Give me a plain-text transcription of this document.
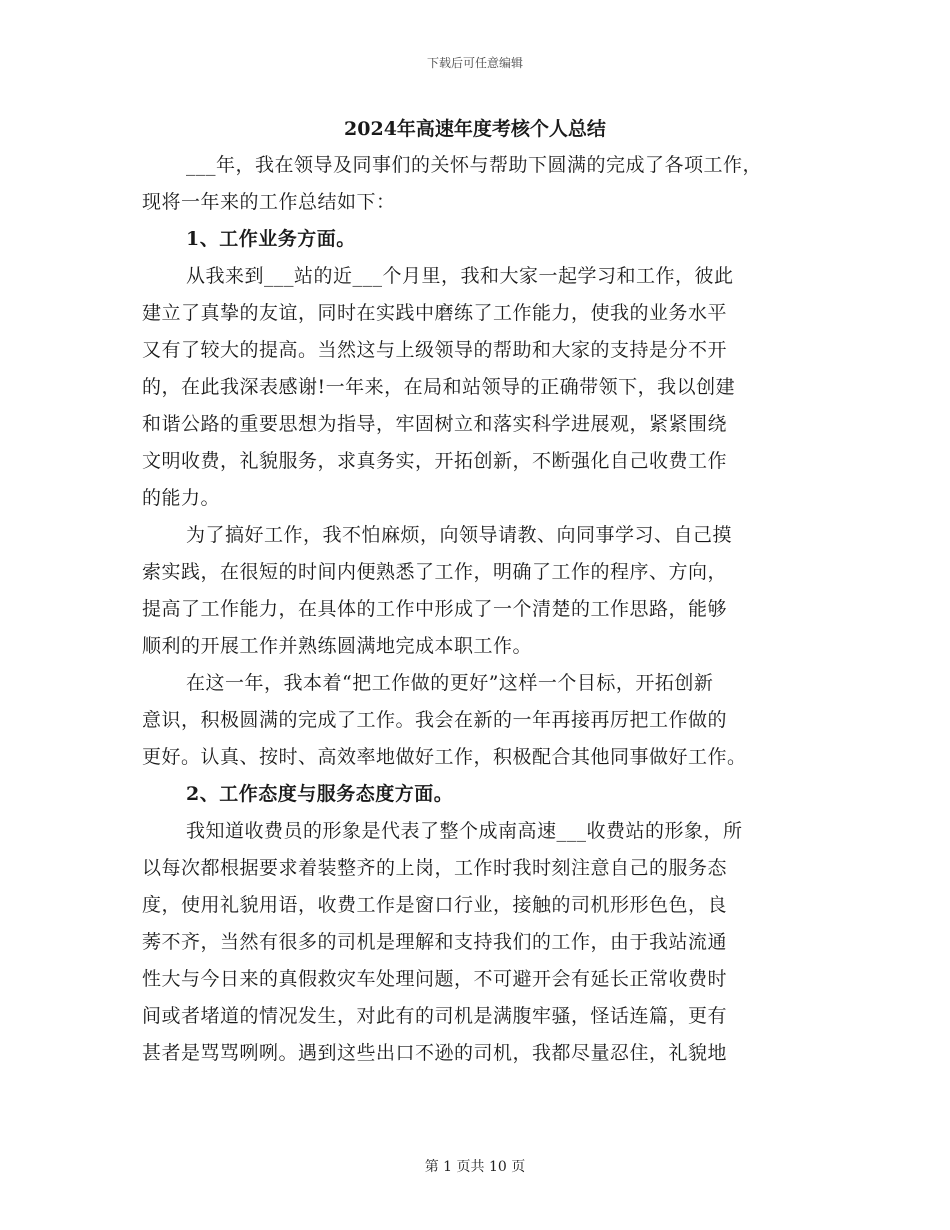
下载后可任意编辑
2024年高速年度考核个人总结
___年，我在领导及同事们的关怀与帮助下圆满的完成了各项工作，
现将一年来的工作总结如下：
1、工作业务方面。
从我来到___站的近___个月里，我和大家一起学习和工作，彼此
建立了真挚的友谊，同时在实践中磨练了工作能力，使我的业务水平
又有了较大的提高。当然这与上级领导的帮助和大家的支持是分不开
的，在此我深表感谢!一年来，在局和站领导的正确带领下，我以创建
和谐公路的重要思想为指导，牢固树立和落实科学进展观，紧紧围绕
文明收费，礼貌服务，求真务实，开拓创新，不断强化自己收费工作
的能力。
为了搞好工作，我不怕麻烦，向领导请教、向同事学习、自己摸
索实践，在很短的时间内便熟悉了工作，明确了工作的程序、方向，
提高了工作能力，在具体的工作中形成了一个清楚的工作思路，能够
顺利的开展工作并熟练圆满地完成本职工作。
在这一年，我本着“把工作做的更好”这样一个目标，开拓创新
意识，积极圆满的完成了工作。我会在新的一年再接再厉把工作做的
更好。认真、按时、高效率地做好工作，积极配合其他同事做好工作。
2、工作态度与服务态度方面。
我知道收费员的形象是代表了整个成南高速___收费站的形象，所
以每次都根据要求着装整齐的上岗，工作时我时刻注意自己的服务态
度，使用礼貌用语，收费工作是窗口行业，接触的司机形形色色，良
莠不齐，当然有很多的司机是理解和支持我们的工作，由于我站流通
性大与今日来的真假救灾车处理问题，不可避开会有延长正常收费时
间或者堵道的情况发生，对此有的司机是满腹牢骚，怪话连篇，更有
甚者是骂骂咧咧。遇到这些出口不逊的司机，我都尽量忍住，礼貌地
第 1 页共 10 页
